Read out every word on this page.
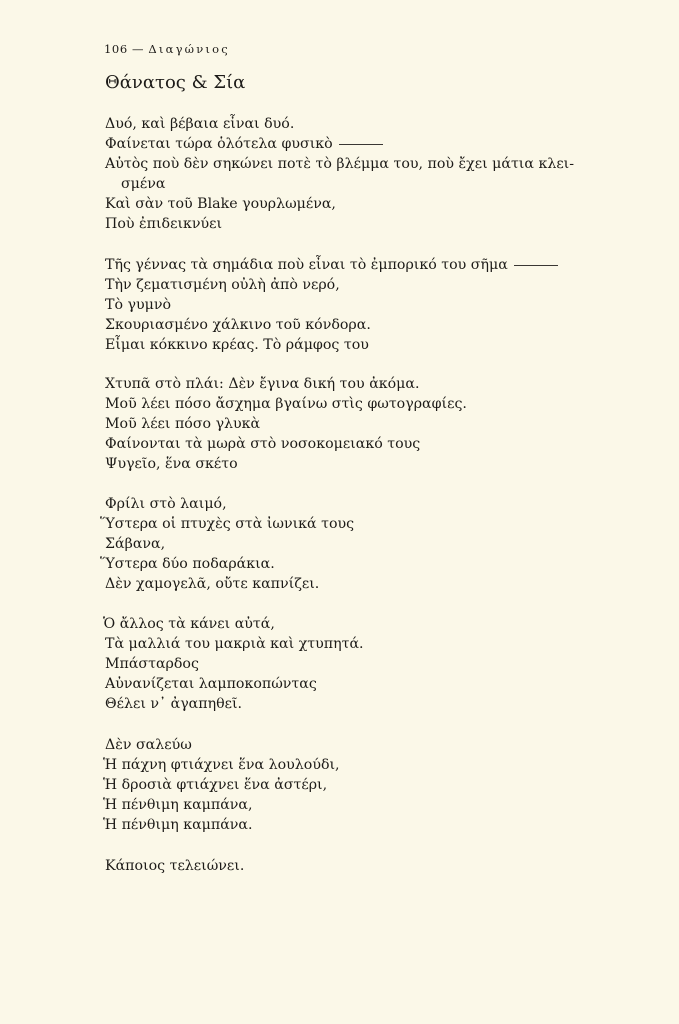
106 — Διαγώνιος
Θάνατος & Σία
Δυό, καὶ βέβαια εἶναι δυό.
Φαίνεται τώρα ὁλότελα φυσικὸ
Αὐτὸς ποὺ δὲν σηκώνει ποτὲ τὸ βλέμμα του, ποὺ ἔχει μάτια κλει-
σμένα
Καὶ σὰν τοῦ Blake γουρλωμένα,
Ποὺ ἐπιδεικνύει
Τῆς γέννας τὰ σημάδια ποὺ εἶναι τὸ ἐμπορικό του σῆμα
Τὴν ζεματισμένη οὐλὴ ἀπὸ νερό,
Τὸ γυμνὸ
Σκουριασμένο χάλκινο τοῦ κόνδορα.
Εἶμαι κόκκινο κρέας. Τὸ ράμφος του
Χτυπᾶ στὸ πλάι: Δὲν ἔγινα δική του ἀκόμα.
Μοῦ λέει πόσο ἄσχημα βγαίνω στὶς φωτογραφίες.
Μοῦ λέει πόσο γλυκὰ
Φαίνονται τὰ μωρὰ στὸ νοσοκομειακό τους
Ψυγεῖο, ἕνα σκέτο
Φρίλι στὸ λαιμό,
Ὕστερα οἱ πτυχὲς στὰ ἰωνικά τους
Σάβανα,
Ὕστερα δύο ποδαράκια.
Δὲν χαμογελᾶ, οὔτε καπνίζει.
Ὁ ἄλλος τὰ κάνει αὐτά,
Τὰ μαλλιά του μακριὰ καὶ χτυπητά.
Μπάσταρδος
Αὐνανίζεται λαμποκοπώντας
Θέλει ν᾽ ἀγαπηθεῖ.
Δὲν σαλεύω
Ἡ πάχνη φτιάχνει ἕνα λουλούδι,
Ἡ δροσιὰ φτιάχνει ἕνα ἀστέρι,
Ἡ πένθιμη καμπάνα,
Ἡ πένθιμη καμπάνα.
Κάποιος τελειώνει.
